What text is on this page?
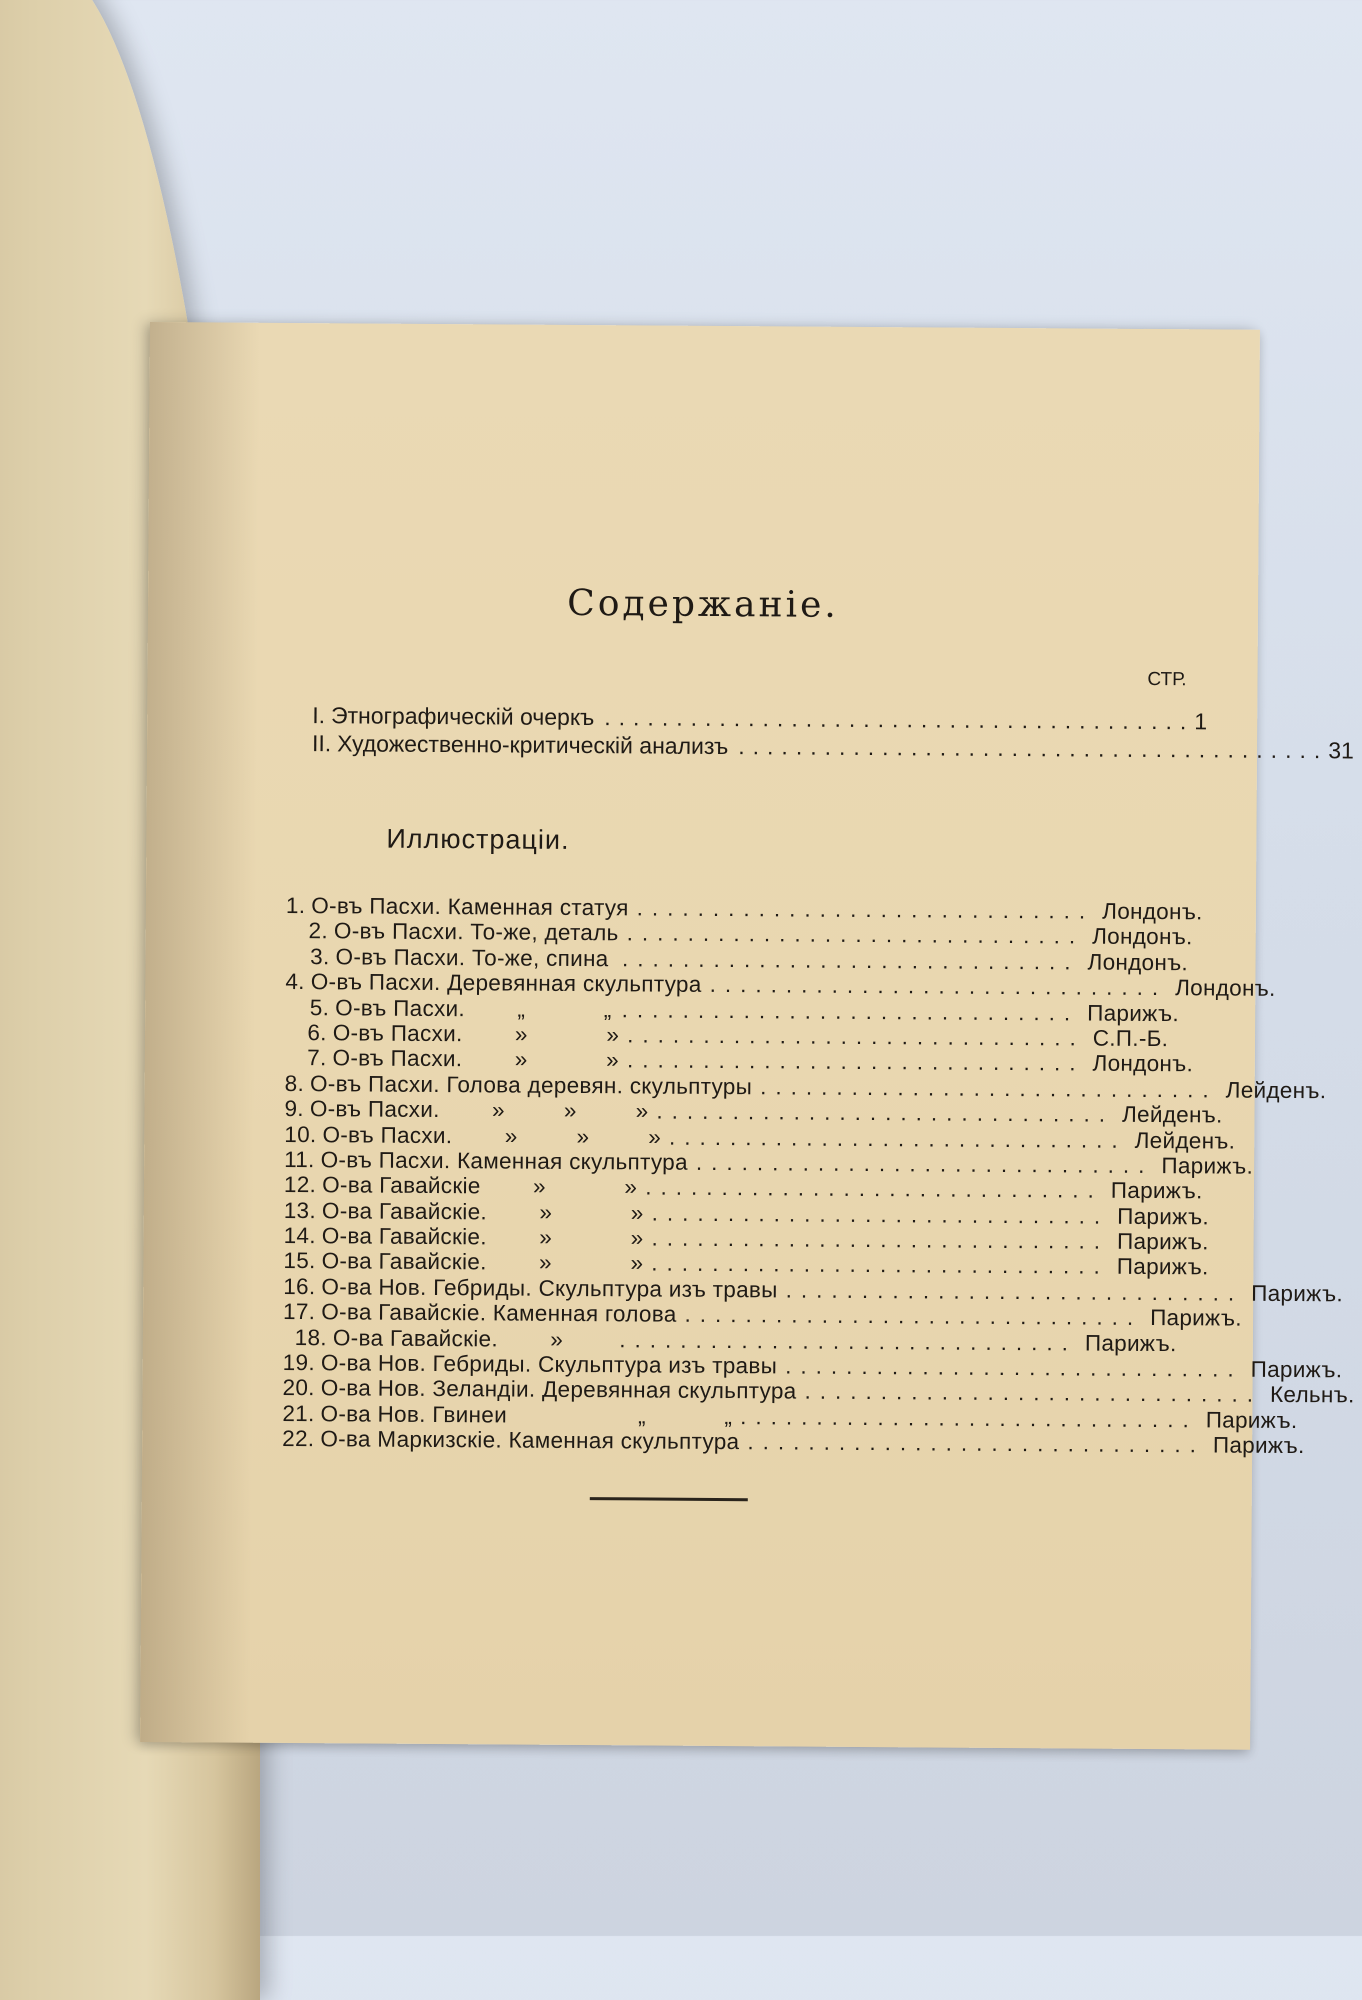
Содержанiе.
СТР.
I. Этнографическiй очеркъ ......................................... 1
II. Художественно-критическiй анализъ ......................................... 31
Иллюстрацiи.
1. О-въ Пасхи. Каменная статуя .............................. Лондонъ.
2. О-въ Пасхи. То-же, деталь .............................. Лондонъ.
3. О-въ Пасхи. То-же, спина .............................. Лондонъ.
4. О-въ Пасхи. Деревянная скульптура .............................. Лондонъ.
5. О-въ Пасхи.        „            „ .............................. Парижъ.
6. О-въ Пасхи.        »            » .............................. С.П.-Б.
7. О-въ Пасхи.        »            » .............................. Лондонъ.
8. О-въ Пасхи. Голова деревян. скульптуры .............................. Лейденъ.
9. О-въ Пасхи.        »         »         » .............................. Лейденъ.
10. О-въ Пасхи.        »         »         » .............................. Лейденъ.
11. О-въ Пасхи. Каменная скульптура .............................. Парижъ.
12. О-ва Гавайскiе        »            » .............................. Парижъ.
13. О-ва Гавайскiе.        »            » .............................. Парижъ.
14. О-ва Гавайскiе.        »            » .............................. Парижъ.
15. О-ва Гавайскiе.        »            » .............................. Парижъ.
16. О-ва Нов. Гебриды. Скульптура изъ травы .............................. Парижъ.
17. О-ва Гавайскiе. Каменная голова .............................. Парижъ.
18. О-ва Гавайскiе.        »	.............................. Парижъ.
19. О-ва Нов. Гебриды. Скульптура изъ травы .............................. Парижъ.
20. О-ва Нов. Зеландiи. Деревянная скульптура .............................. Кельнъ.
21. О-ва Нов. Гвинеи                    „            „ .............................. Парижъ.
22. О-ва Маркизскiе. Каменная скульптура .............................. Парижъ.
